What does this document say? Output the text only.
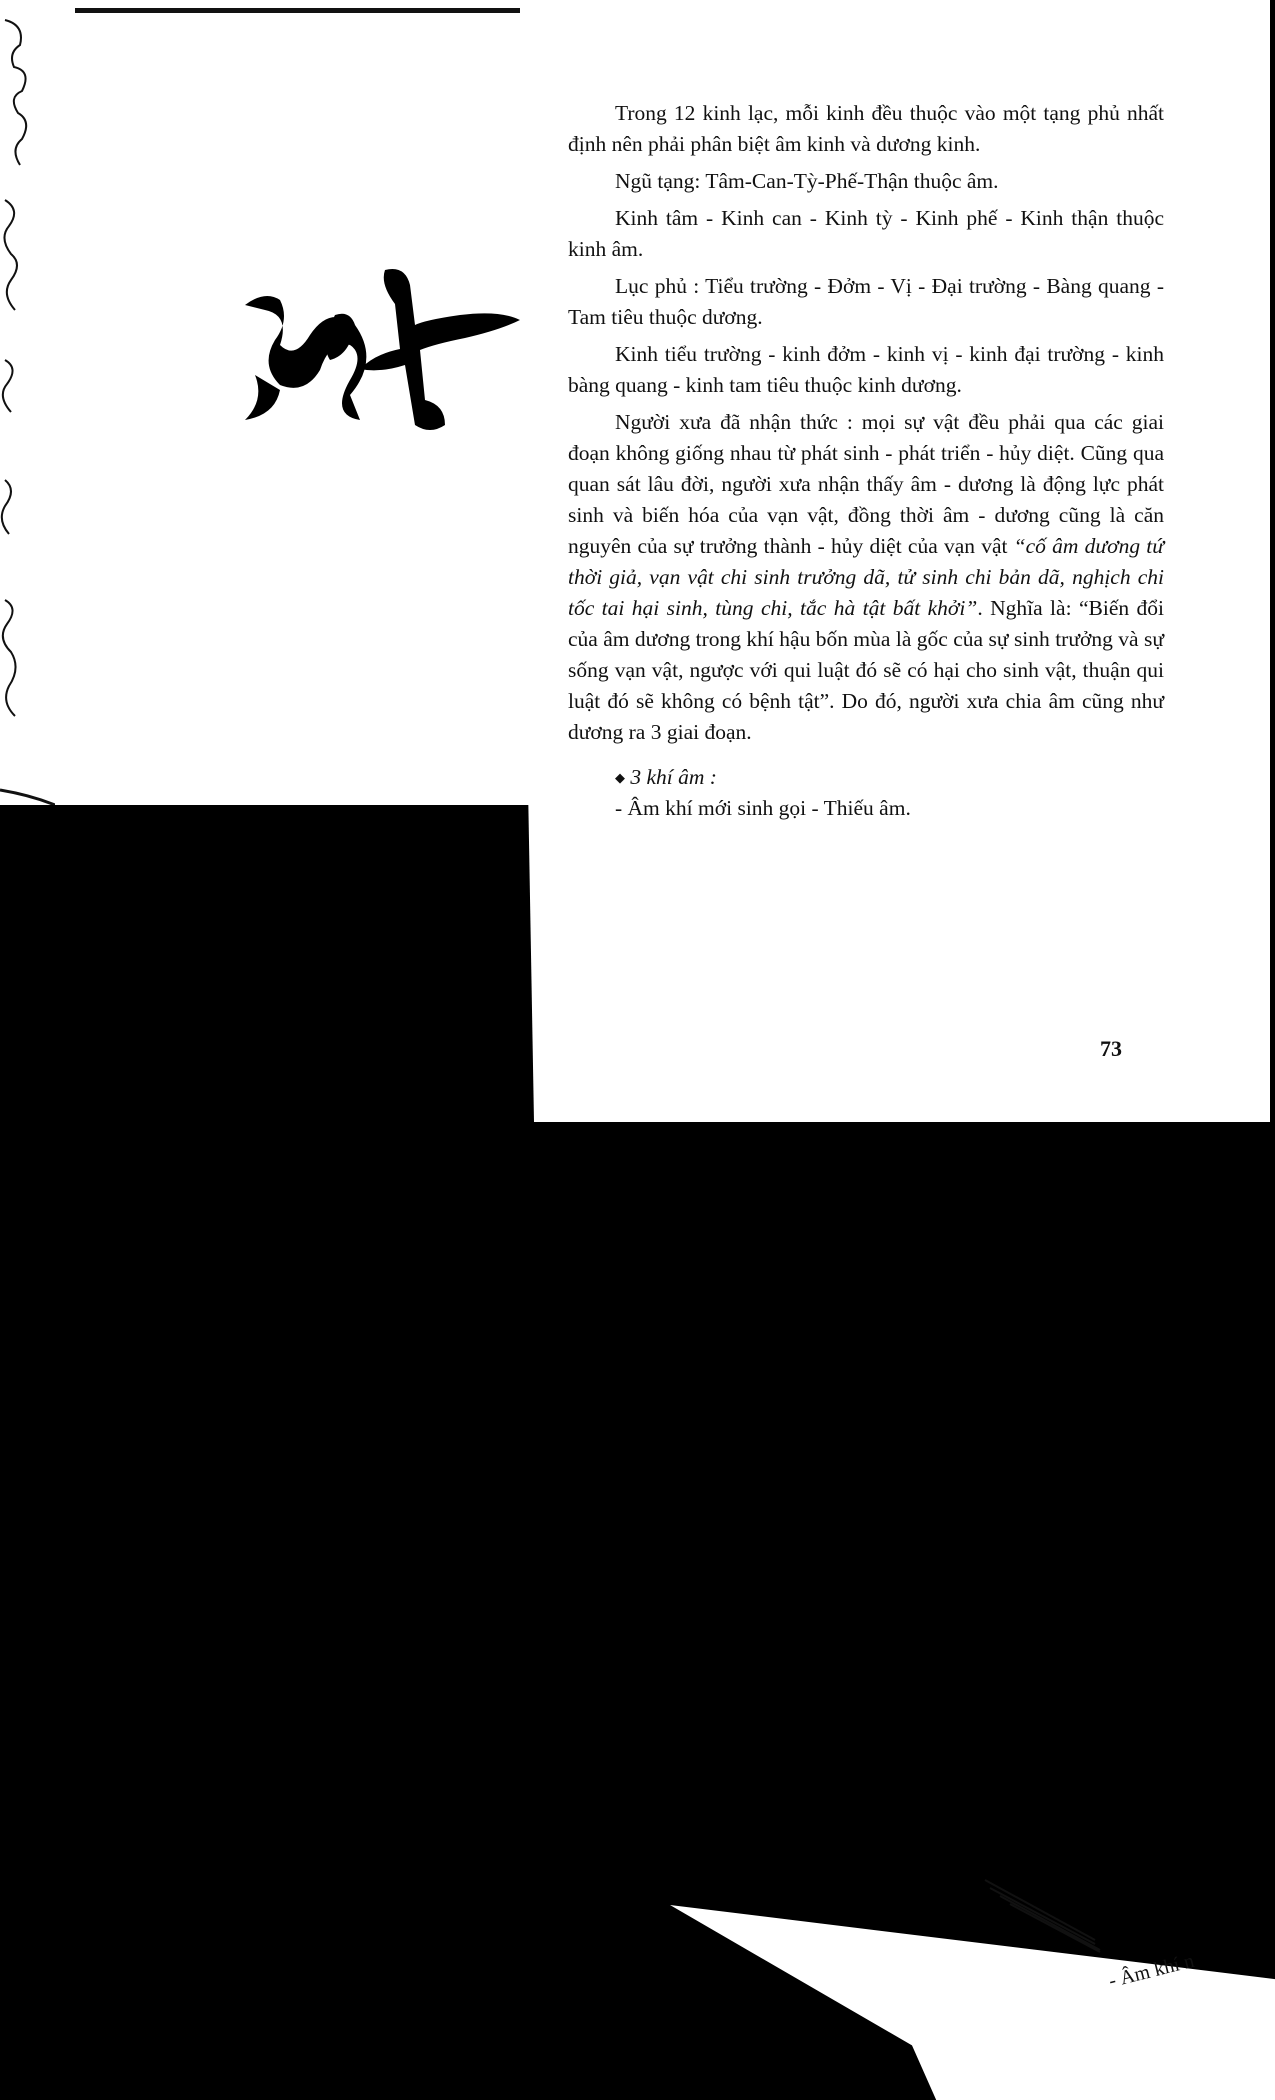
Trong 12 kinh lạc, mỗi kinh đều thuộc vào một tạng phủ nhất định nên phải phân biệt âm kinh và dương kinh.

Ngũ tạng: Tâm-Can-Tỳ-Phế-Thận thuộc âm.

Kinh tâm - Kinh can - Kinh tỳ - Kinh phế - Kinh thận thuộc kinh âm.

Lục phủ : Tiểu trường - Đởm - Vị - Đại trường - Bàng quang - Tam tiêu thuộc dương.

Kinh tiểu trường - kinh đởm - kinh vị - kinh đại trường - kinh bàng quang - kinh tam tiêu thuộc kinh dương.

Người xưa đã nhận thức : mọi sự vật đều phải qua các giai đoạn không giống nhau từ phát sinh - phát triển - hủy diệt. Cũng qua quan sát lâu đời, người xưa nhận thấy âm - dương là động lực phát sinh và biến hóa của vạn vật, đồng thời âm - dương cũng là căn nguyên của sự trưởng thành - hủy diệt của vạn vật “cố âm dương tứ thời giả, vạn vật chi sinh trưởng dã, tử sinh chi bản dã, nghịch chi tốc tai hại sinh, tùng chi, tắc hà tật bất khởi”. Nghĩa là: “Biến đổi của âm dương trong khí hậu bốn mùa là gốc của sự sinh trưởng và sự sống vạn vật, ngược với qui luật đó sẽ có hại cho sinh vật, thuận qui luật đó sẽ không có bệnh tật”. Do đó, người xưa chia âm cũng như dương ra 3 giai đoạn.

◆ 3 khí âm :

- Âm khí mới sinh gọi - Thiếu âm.

73
- Âm khí n
